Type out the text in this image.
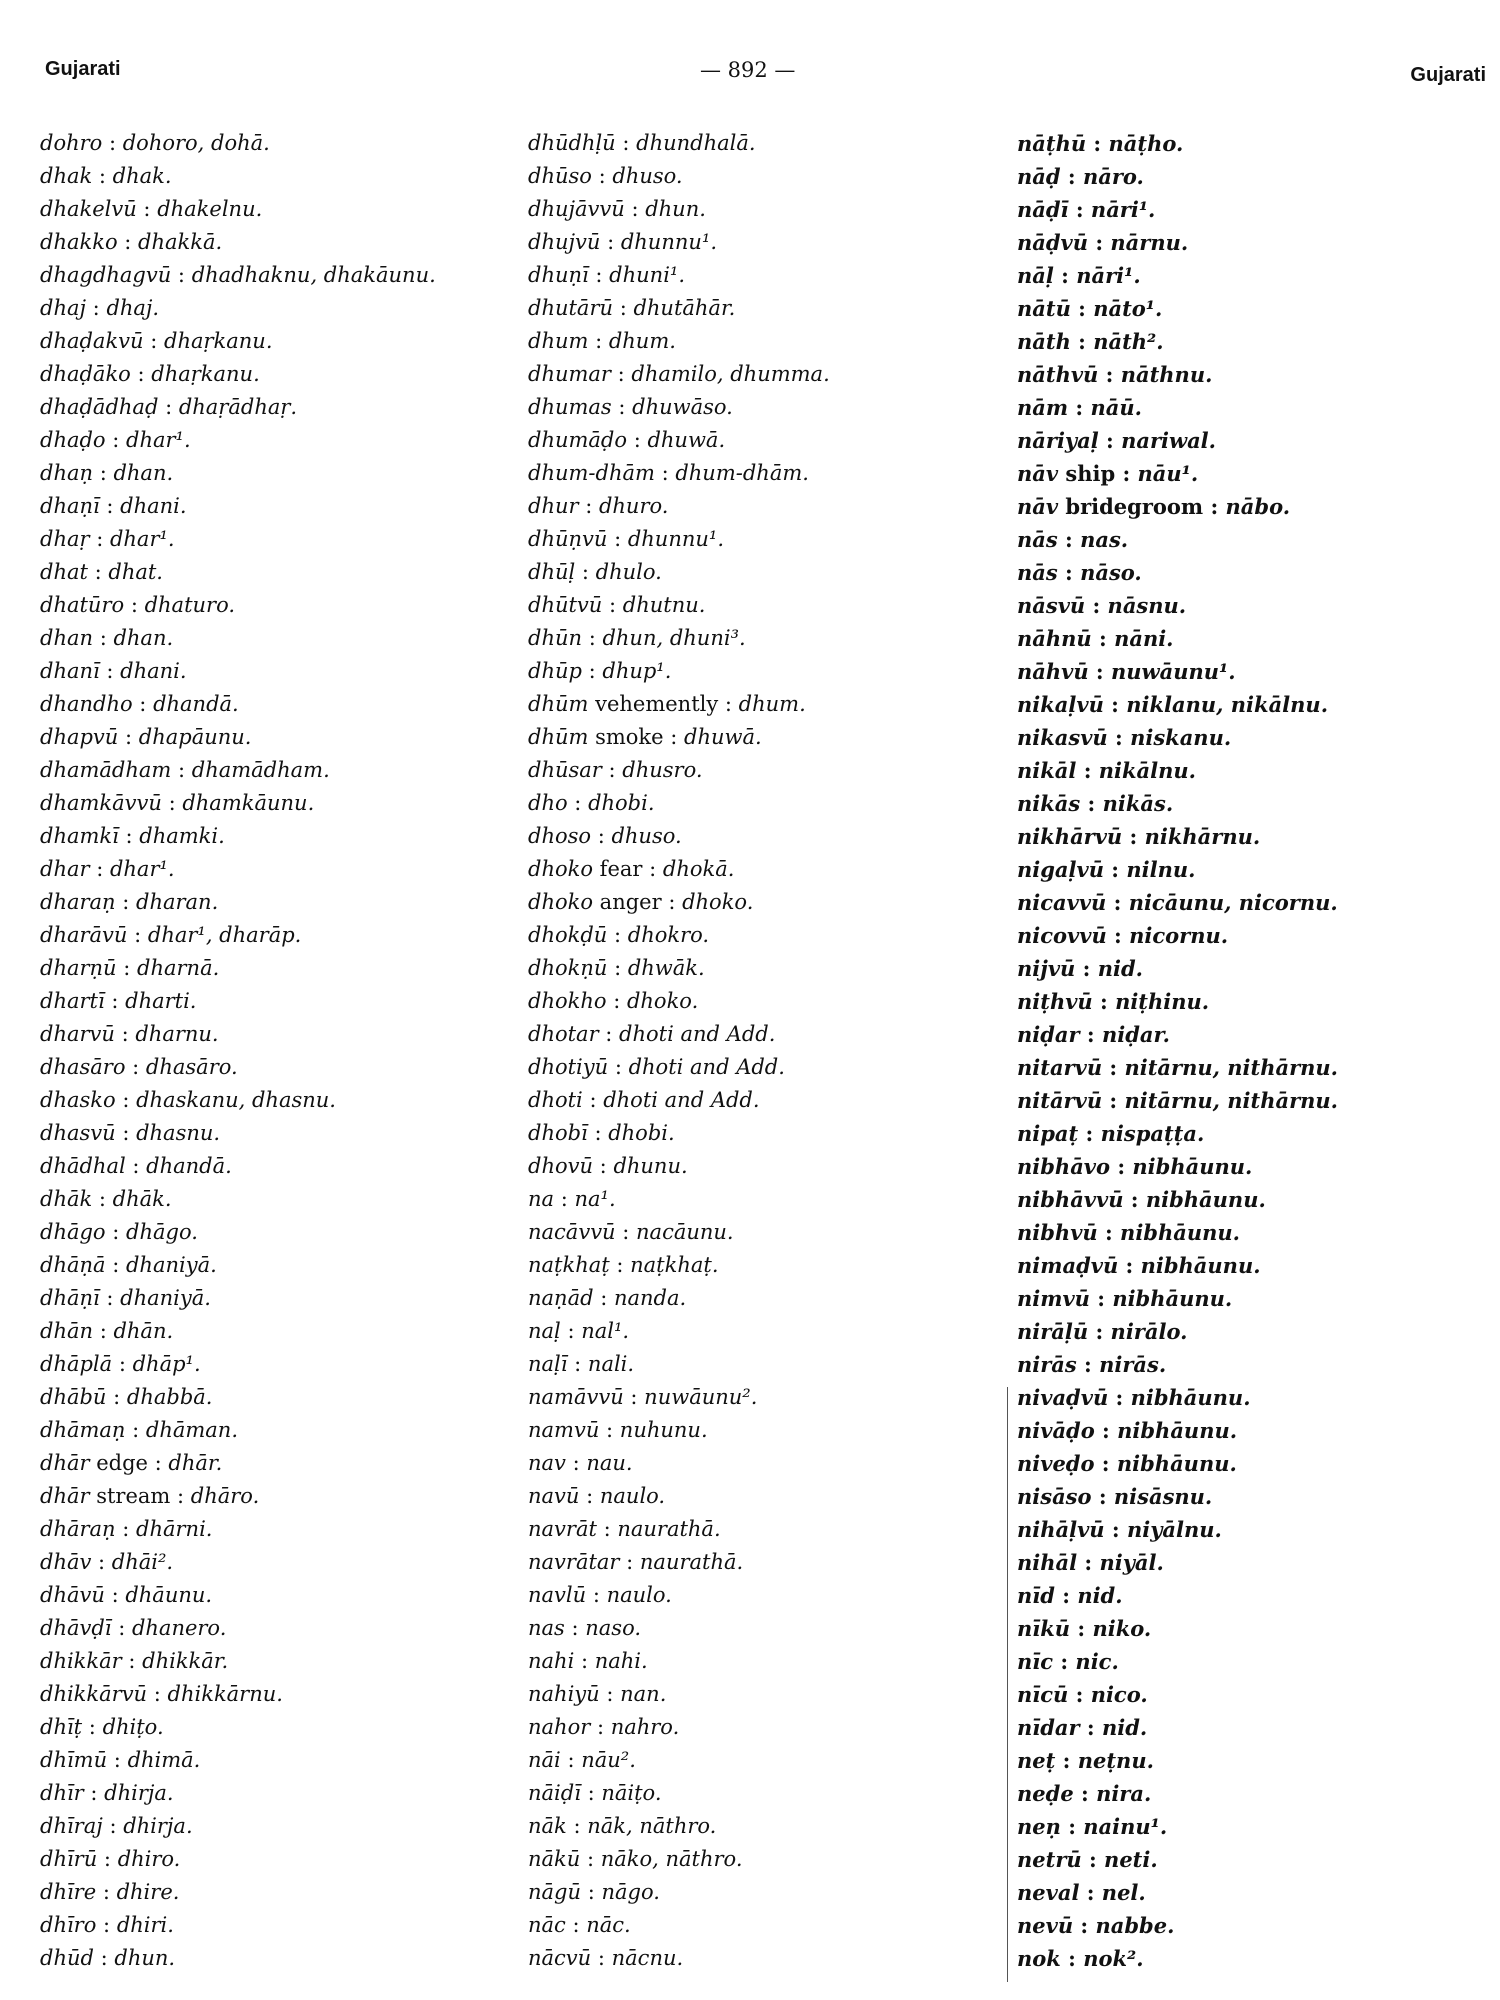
Gujarati	— 892 —	Gujarati
dohro : dohoro, dohā.
dhak : dhak.
dhakelvū : dhakelnu.
dhakko : dhakkā.
dhagdhagvū : dhadhaknu, dhakāunu.
dhaj : dhaj.
dhaḍakvū : dhaṛkanu.
dhaḍāko : dhaṛkanu.
dhaḍādhaḍ : dhaṛādhaṛ.
dhaḍo : dhar¹.
dhaṇ : dhan.
dhaṇī : dhani.
dhaṛ : dhar¹.
dhat : dhat.
dhatūro : dhaturo.
dhan : dhan.
dhanī : dhani.
dhandho : dhandā.
dhapvū : dhapāunu.
dhamādham : dhamādham.
dhamkāvvū : dhamkāunu.
dhamkī : dhamki.
dhar : dhar¹.
dharaṇ : dharan.
dharāvū : dhar¹, dharāp.
dharṇū : dharnā.
dhartī : dharti.
dharvū : dharnu.
dhasāro : dhasāro.
dhasko : dhaskanu, dhasnu.
dhasvū : dhasnu.
dhādhal : dhandā.
dhāk : dhāk.
dhāgo : dhāgo.
dhāṇā : dhaniyā.
dhāṇī : dhaniyā.
dhān : dhān.
dhāplā : dhāp¹.
dhābū : dhabbā.
dhāmaṇ : dhāman.
dhār edge : dhār.
dhār stream : dhāro.
dhāraṇ : dhārni.
dhāv : dhāi².
dhāvū : dhāunu.
dhāvḍī : dhanero.
dhikkār : dhikkār.
dhikkārvū : dhikkārnu.
dhīṭ : dhiṭo.
dhīmū : dhimā.
dhīr : dhirja.
dhīraj : dhirja.
dhīrū : dhiro.
dhīre : dhire.
dhīro : dhiri.
dhūd : dhun.
dhūdhḷū : dhundhalā.
dhūso : dhuso.
dhujāvvū : dhun.
dhujvū : dhunnu¹.
dhuṇī : dhuni¹.
dhutārū : dhutāhār.
dhum : dhum.
dhumar : dhamilo, dhumma.
dhumas : dhuwāso.
dhumāḍo : dhuwā.
dhum-dhām : dhum-dhām.
dhur : dhuro.
dhūṇvū : dhunnu¹.
dhūḷ : dhulo.
dhūtvū : dhutnu.
dhūn : dhun, dhuni³.
dhūp : dhup¹.
dhūm vehemently : dhum.
dhūm smoke : dhuwā.
dhūsar : dhusro.
dho : dhobi.
dhoso : dhuso.
dhoko fear : dhokā.
dhoko anger : dhoko.
dhokḍū : dhokro.
dhokṇū : dhwāk.
dhokho : dhoko.
dhotar : dhoti and Add.
dhotiyū : dhoti and Add.
dhoti : dhoti and Add.
dhobī : dhobi.
dhovū : dhunu.
na : na¹.
nacāvvū : nacāunu.
naṭkhaṭ : naṭkhaṭ.
naṇād : nanda.
naḷ : nal¹.
naḷī : nali.
namāvvū : nuwāunu².
namvū : nuhunu.
nav : nau.
navū : naulo.
navrāt : naurathā.
navrātar : naurathā.
navlū : naulo.
nas : naso.
nahi : nahi.
nahiyū : nan.
nahor : nahro.
nāi : nāu².
nāiḍī : nāiṭo.
nāk : nāk, nāthro.
nākū : nāko, nāthro.
nāgū : nāgo.
nāc : nāc.
nācvū : nācnu.
nāṭhū : nāṭho.
nāḍ : nāro.
nāḍī : nāri¹.
nāḍvū : nārnu.
nāḷ : nāri¹.
nātū : nāto¹.
nāth : nāth².
nāthvū : nāthnu.
nām : nāū.
nāriyaḷ : nariwal.
nāv ship : nāu¹.
nāv bridegroom : nābo.
nās : nas.
nās : nāso.
nāsvū : nāsnu.
nāhnū : nāni.
nāhvū : nuwāunu¹.
nikaḷvū : niklanu, nikālnu.
nikasvū : niskanu.
nikāl : nikālnu.
nikās : nikās.
nikhārvū : nikhārnu.
nigaḷvū : nilnu.
nicavvū : nicāunu, nicornu.
nicovvū : nicornu.
nijvū : nid.
niṭhvū : niṭhinu.
niḍar : niḍar.
nitarvū : nitārnu, nithārnu.
nitārvū : nitārnu, nithārnu.
nipaṭ : nispaṭṭa.
nibhāvo : nibhāunu.
nibhāvvū : nibhāunu.
nibhvū : nibhāunu.
nimaḍvū : nibhāunu.
nimvū : nibhāunu.
nirāḷū : nirālo.
nirās : nirās.
nivaḍvū : nibhāunu.
nivāḍo : nibhāunu.
niveḍo : nibhāunu.
nisāso : nisāsnu.
nihāḷvū : niyālnu.
nihāl : niyāl.
nīd : nid.
nīkū : niko.
nīc : nic.
nīcū : nico.
nīdar : nid.
neṭ : neṭnu.
neḍe : nira.
neṇ : nainu¹.
netrū : neti.
neval : nel.
nevū : nabbe.
nok : nok².
